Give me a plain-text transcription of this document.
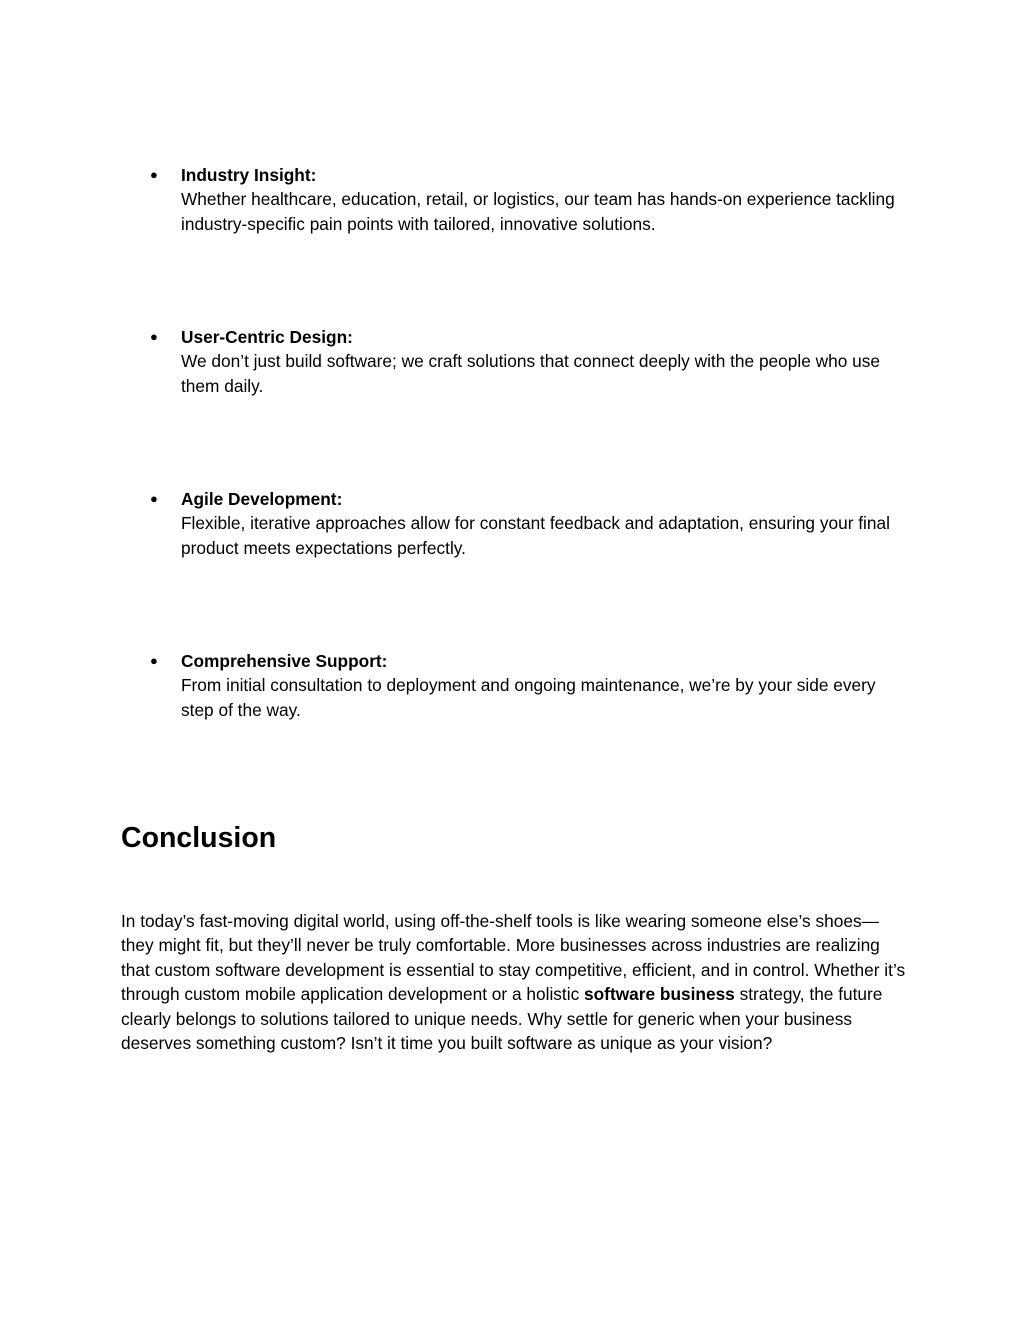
●	Industry Insight:
Whether healthcare, education, retail, or logistics, our team has hands-on experience tackling industry-specific pain points with tailored, innovative solutions.
●	User-Centric Design:
We don’t just build software; we craft solutions that connect deeply with the people who use them daily.
●	Agile Development:
Flexible, iterative approaches allow for constant feedback and adaptation, ensuring your final product meets expectations perfectly.
●	Comprehensive Support:
From initial consultation to deployment and ongoing maintenance, we’re by your side every step of the way.
Conclusion

In today’s fast-moving digital world, using off-the-shelf tools is like wearing someone else’s shoes—they might fit, but they’ll never be truly comfortable. More businesses across industries are realizing that custom software development is essential to stay competitive, efficient, and in control. Whether it’s through custom mobile application development or a holistic software business strategy, the future clearly belongs to solutions tailored to unique needs. Why settle for generic when your business deserves something custom? Isn’t it time you built software as unique as your vision?
